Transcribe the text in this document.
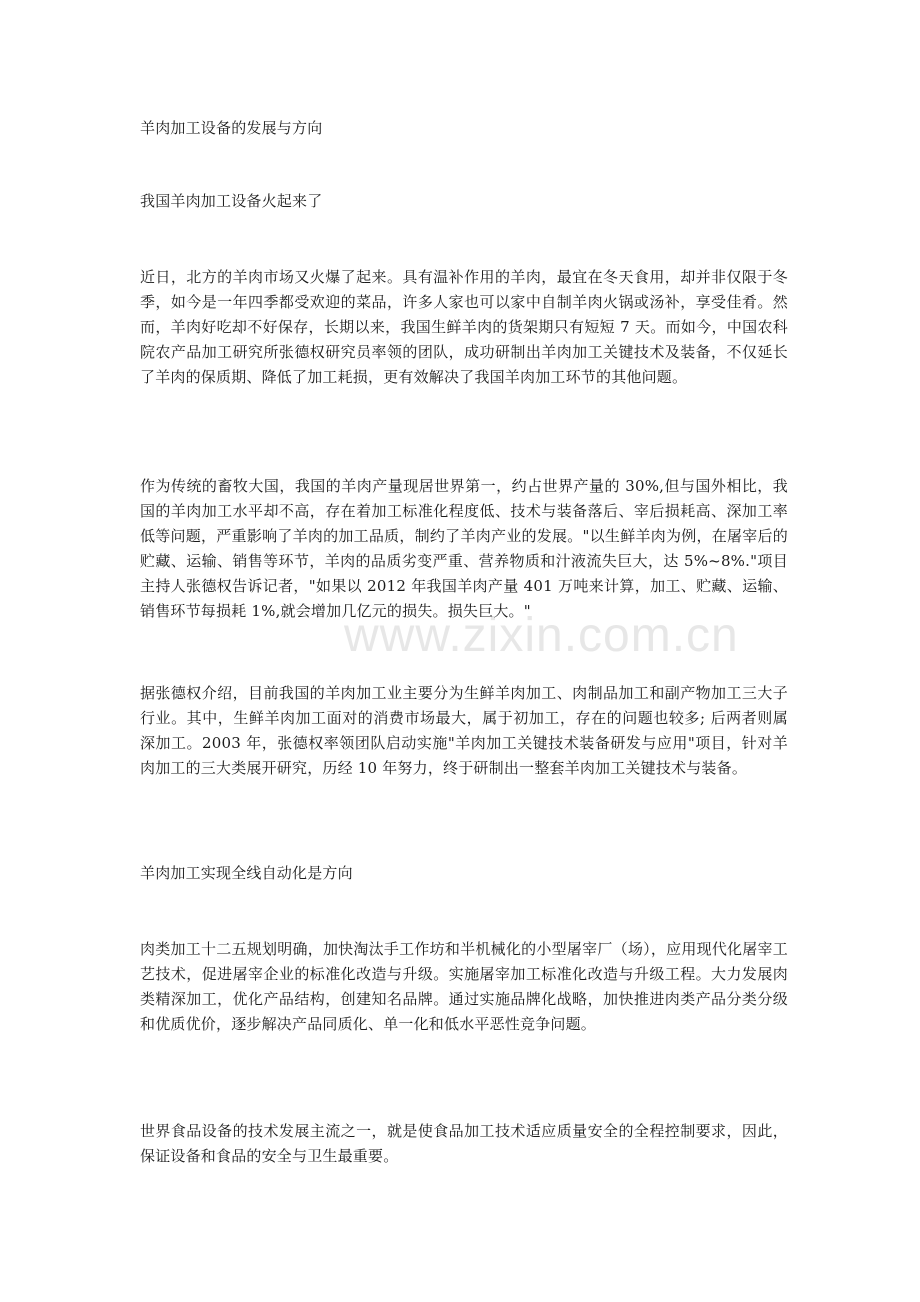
羊肉加工设备的发展与方向

我国羊肉加工设备火起来了

近日，北方的羊肉市场又火爆了起来。具有温补作用的羊肉，最宜在冬天食用，却并非仅限于冬季，如今是一年四季都受欢迎的菜品，许多人家也可以家中自制羊肉火锅或汤补，享受佳肴。然而，羊肉好吃却不好保存，长期以来，我国生鲜羊肉的货架期只有短短 7 天。而如今，中国农科院农产品加工研究所张德权研究员率领的团队，成功研制出羊肉加工关键技术及装备，不仅延长了羊肉的保质期、降低了加工耗损，更有效解决了我国羊肉加工环节的其他问题。

作为传统的畜牧大国，我国的羊肉产量现居世界第一，约占世界产量的 30%,但与国外相比，我国的羊肉加工水平却不高，存在着加工标准化程度低、技术与装备落后、宰后损耗高、深加工率低等问题，严重影响了羊肉的加工品质，制约了羊肉产业的发展。"以生鲜羊肉为例，在屠宰后的贮藏、运输、销售等环节，羊肉的品质劣变严重、营养物质和汁液流失巨大，达 5%~8%."项目主持人张德权告诉记者，"如果以 2012 年我国羊肉产量 401 万吨来计算，加工、贮藏、运输、销售环节每损耗 1%,就会增加几亿元的损失。损失巨大。"

据张德权介绍，目前我国的羊肉加工业主要分为生鲜羊肉加工、肉制品加工和副产物加工三大子行业。其中，生鲜羊肉加工面对的消费市场最大，属于初加工，存在的问题也较多; 后两者则属深加工。2003 年，张德权率领团队启动实施"羊肉加工关键技术装备研发与应用"项目，针对羊肉加工的三大类展开研究，历经 10 年努力，终于研制出一整套羊肉加工关键技术与装备。

羊肉加工实现全线自动化是方向

肉类加工十二五规划明确，加快淘汰手工作坊和半机械化的小型屠宰厂（场），应用现代化屠宰工艺技术，促进屠宰企业的标准化改造与升级。实施屠宰加工标准化改造与升级工程。大力发展肉类精深加工，优化产品结构，创建知名品牌。通过实施品牌化战略，加快推进肉类产品分类分级和优质优价，逐步解决产品同质化、单一化和低水平恶性竞争问题。

世界食品设备的技术发展主流之一，就是使食品加工技术适应质量安全的全程控制要求，因此，保证设备和食品的安全与卫生最重要。

www.zixin.com.cn
